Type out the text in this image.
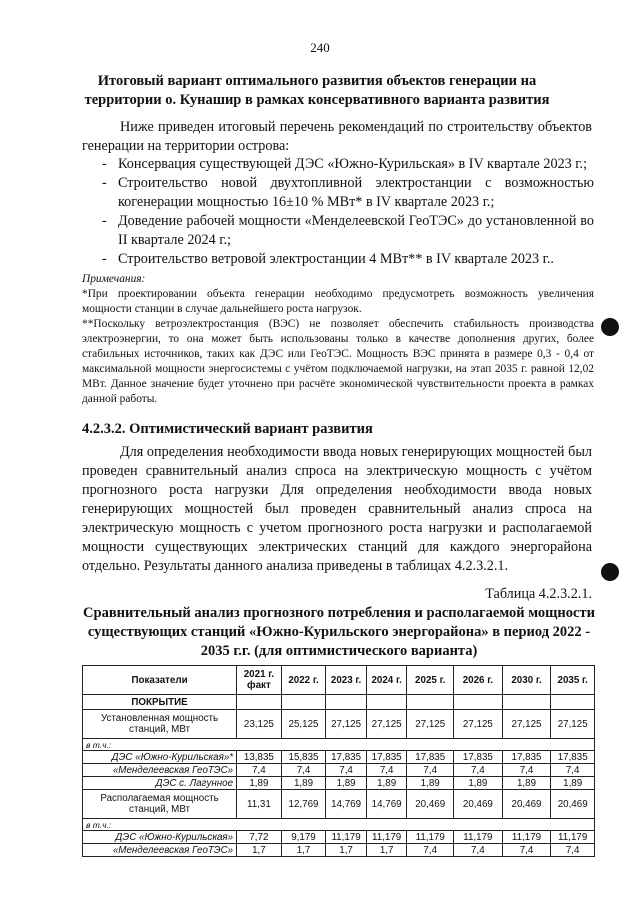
240
Итоговый вариант оптимального развития объектов генерации на территории о. Кунашир в рамках консервативного варианта развития
Ниже приведен итоговый перечень рекомендаций по строительству объектов генерации на территории острова:
- Консервация существующей ДЭС «Южно-Курильская» в IV квартале 2023 г.;
- Строительство новой двухтопливной электростанции с возможностью когенерации мощностью 16±10 % МВт* в IV квартале 2023 г.;
- Доведение рабочей мощности «Менделеевской ГеоТЭС» до установленной во II квартале 2024 г.;
- Строительство ветровой электростанции 4 МВт** в IV квартале 2023 г..
Примечания:
*При проектировании объекта генерации необходимо предусмотреть возможность увеличения мощности станции в случае дальнейшего роста нагрузок.
**Поскольку ветроэлектростанция (ВЭС) не позволяет обеспечить стабильность производства электроэнергии, то она может быть использованы только в качестве дополнения других, более стабильных источников, таких как ДЭС или ГеоТЭС. Мощность ВЭС принята в размере 0,3 - 0,4 от максимальной мощности энергосистемы с учётом подключаемой нагрузки, на этап 2035 г. равной 12,02 МВт. Данное значение будет уточнено при расчёте экономической чувствительности проекта в рамках данной работы.
4.2.3.2. Оптимистический вариант развития
Для определения необходимости ввода новых генерирующих мощностей был проведен сравнительный анализ спроса на электрическую мощность с учётом прогнозного роста нагрузки Для определения необходимости ввода новых генерирующих мощностей был проведен сравнительный анализ спроса на электрическую мощность с учетом прогнозного роста нагрузки и располагаемой мощности существующих электрических станций для каждого энергорайона отдельно. Результаты данного анализа приведены в таблицах 4.2.3.2.1.
Таблица 4.2.3.2.1.
Сравнительный анализ прогнозного потребления и располагаемой мощности существующих станций «Южно-Курильского энергорайона» в период 2022 - 2035 г.г. (для оптимистического варианта)
Показатели	2021 г. факт	2022 г.	2023 г.	2024 г.	2025 г.	2026 г.	2030 г.	2035 г.
ПОКРЫТИЕ								
Установленная мощность станций, МВт	23,125	25,125	27,125	27,125	27,125	27,125	27,125	27,125
в т.ч.:								
ДЭС «Южно-Курильская»*	13,835	15,835	17,835	17,835	17,835	17,835	17,835	17,835
«Менделеевская ГеоТЭС»	7,4	7,4	7,4	7,4	7,4	7,4	7,4	7,4
ДЭС с. Лагунное	1,89	1,89	1,89	1,89	1,89	1,89	1,89	1,89
Располагаемая мощность станций, МВт	11,31	12,769	14,769	14,769	20,469	20,469	20,469	20,469
в т.ч.:								
ДЭС «Южно-Курильская»	7,72	9,179	11,179	11,179	11,179	11,179	11,179	11,179
«Менделеевская ГеоТЭС»	1,7	1,7	1,7	1,7	7,4	7,4	7,4	7,4
